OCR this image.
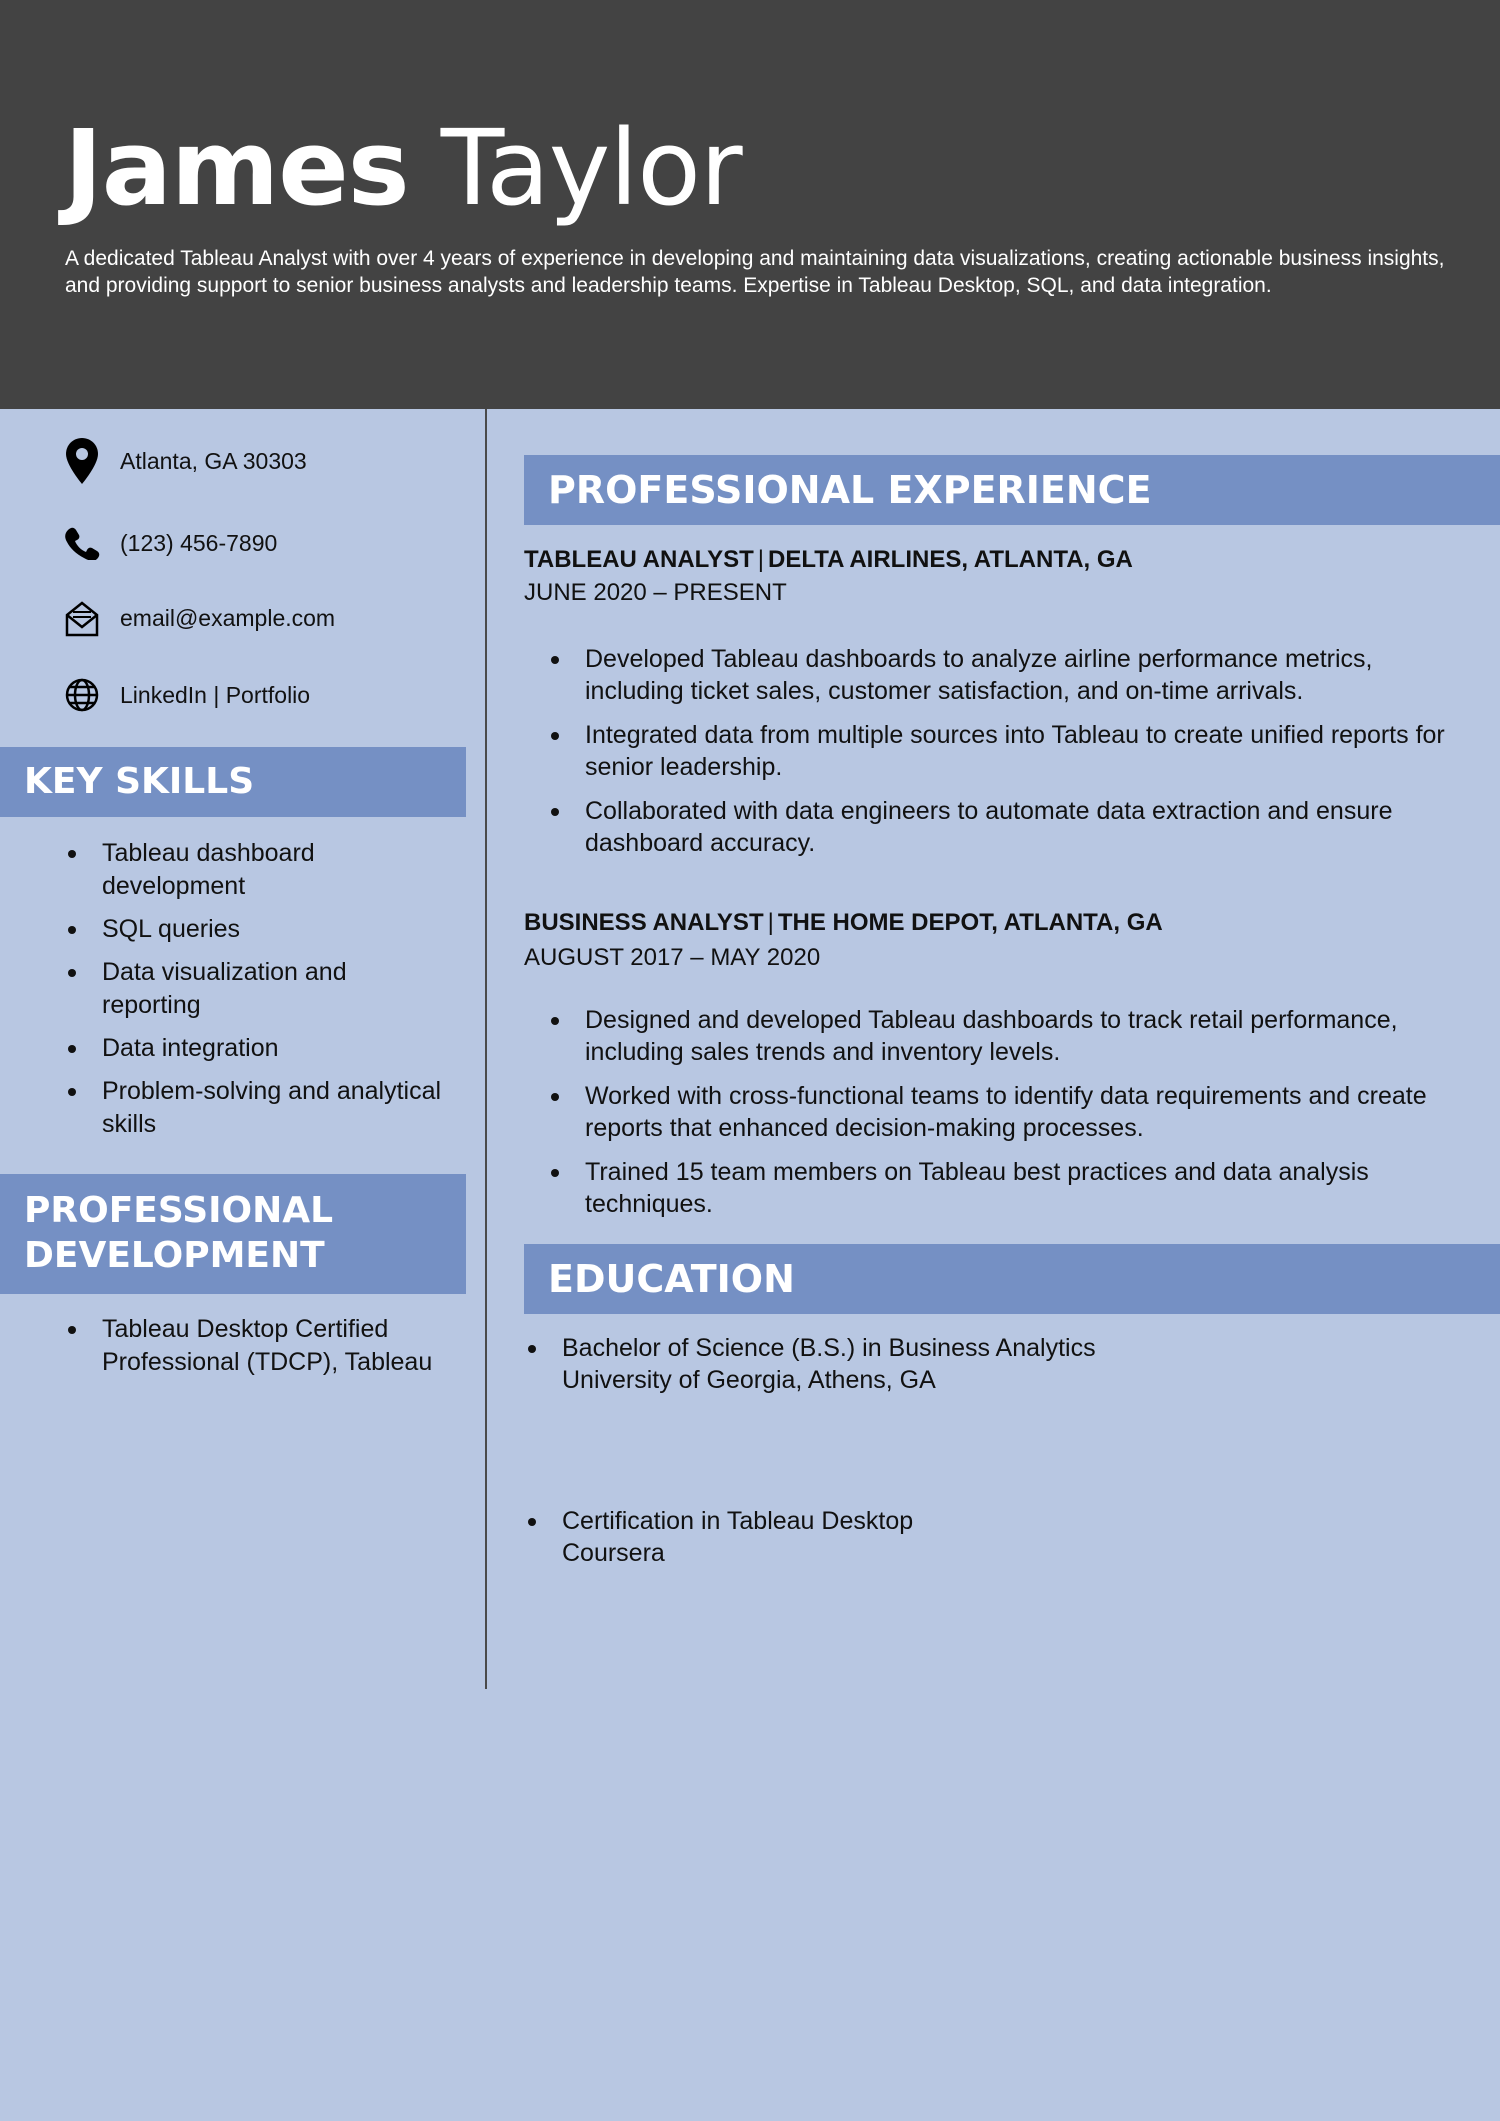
James Taylor
A dedicated Tableau Analyst with over 4 years of experience in developing and maintaining data visualizations, creating actionable business insights, and providing support to senior business analysts and leadership teams. Expertise in Tableau Desktop, SQL, and data integration.
Atlanta, GA 30303
(123) 456-7890
email@example.com
LinkedIn | Portfolio
KEY SKILLS
Tableau dashboard development
SQL queries
Data visualization and reporting
Data integration
Problem-solving and analytical skills
PROFESSIONAL
DEVELOPMENT
Tableau Desktop Certified Professional (TDCP), Tableau
PROFESSIONAL EXPERIENCE
TABLEAU ANALYST | DELTA AIRLINES, ATLANTA, GA
JUNE 2020 – PRESENT
Developed Tableau dashboards to analyze airline performance metrics, including ticket sales, customer satisfaction, and on-time arrivals.
Integrated data from multiple sources into Tableau to create unified reports for senior leadership.
Collaborated with data engineers to automate data extraction and ensure dashboard accuracy.
BUSINESS ANALYST | THE HOME DEPOT, ATLANTA, GA
AUGUST 2017 – MAY 2020
Designed and developed Tableau dashboards to track retail performance, including sales trends and inventory levels.
Worked with cross-functional teams to identify data requirements and create reports that enhanced decision-making processes.
Trained 15 team members on Tableau best practices and data analysis techniques.
EDUCATION
Bachelor of Science (B.S.) in Business Analytics
University of Georgia, Athens, GA
Certification in Tableau Desktop
Coursera
